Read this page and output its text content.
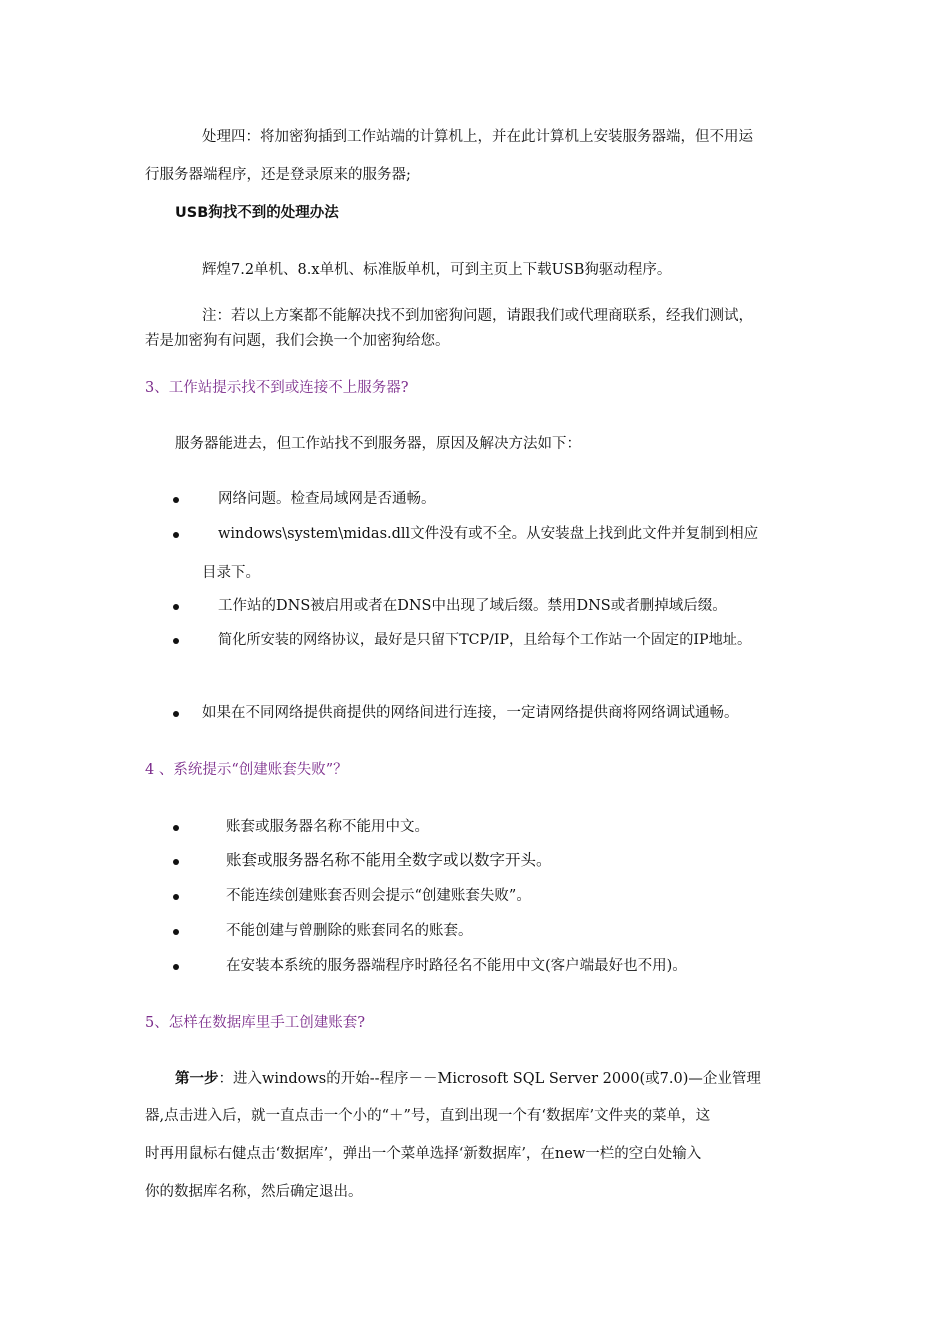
处理四：将加密狗插到工作站端的计算机上，并在此计算机上安装服务器端，但不用运
行服务器端程序，还是登录原来的服务器;
USB狗找不到的处理办法
辉煌7.2单机、8.x单机、标准版单机，可到主页上下载USB狗驱动程序。
注：若以上方案都不能解决找不到加密狗问题，请跟我们或代理商联系，经我们测试，
若是加密狗有问题，我们会换一个加密狗给您。
3、工作站提示找不到或连接不上服务器?
服务器能进去，但工作站找不到服务器，原因及解决方法如下：
网络问题。检查局域网是否通畅。
windows\system\midas.dll文件没有或不全。从安装盘上找到此文件并复制到相应
目录下。
工作站的DNS被启用或者在DNS中出现了域后缀。禁用DNS或者删掉域后缀。
简化所安装的网络协议，最好是只留下TCP/IP，且给每个工作站一个固定的IP地址。
如果在不同网络提供商提供的网络间进行连接，一定请网络提供商将网络调试通畅。
4 、系统提示“创建账套失败”？
账套或服务器名称不能用中文。
账套或服务器名称不能用全数字或以数字开头。
不能连续创建账套否则会提示“创建账套失败”。
不能创建与曾删除的账套同名的账套。
在安装本系统的服务器端程序时路径名不能用中文(客户端最好也不用)。
5、怎样在数据库里手工创建账套?
第一步：进入windows的开始--程序－－Microsoft SQL Server 2000(或7.0)—企业管理
器,点击进入后，就一直点击一个小的“＋”号，直到出现一个有‘数据库’文件夹的菜单，这
时再用鼠标右健点击‘数据库’，弹出一个菜单选择‘新数据库’，在new一栏的空白处输入
你的数据库名称，然后确定退出。
